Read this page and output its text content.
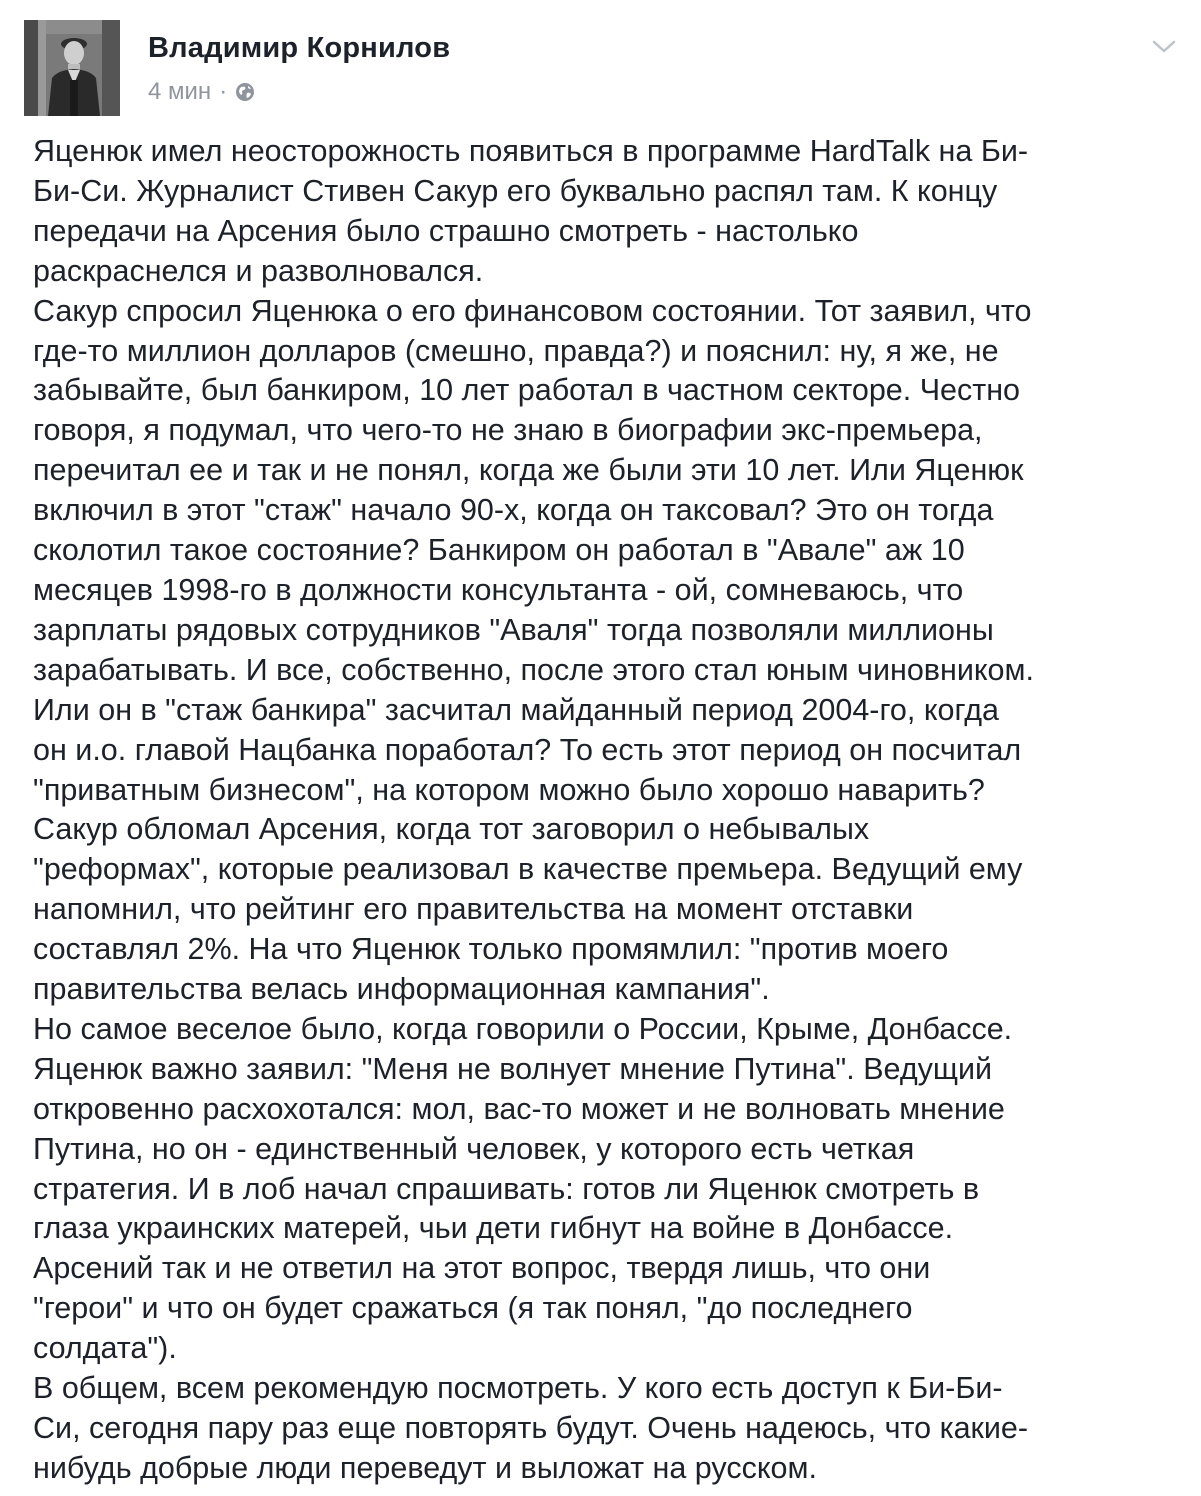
Владимир Корнилов
4 мин ·

Яценюк имел неосторожность появиться в программе HardTalk на Би-

Би-Си. Журналист Стивен Сакур его буквально распял там. К концу

передачи на Арсения было страшно смотреть - настолько

раскраснелся и разволновался.

Сакур спросил Яценюка о его финансовом состоянии. Тот заявил, что

где-то миллион долларов (смешно, правда?) и пояснил: ну, я же, не

забывайте, был банкиром, 10 лет работал в частном секторе. Честно

говоря, я подумал, что чего-то не знаю в биографии экс-премьера,

перечитал ее и так и не понял, когда же были эти 10 лет. Или Яценюк

включил в этот "стаж" начало 90-х, когда он таксовал? Это он тогда

сколотил такое состояние? Банкиром он работал в "Авале" аж 10

месяцев 1998-го в должности консультанта - ой, сомневаюсь, что

зарплаты рядовых сотрудников "Аваля" тогда позволяли миллионы

зарабатывать. И все, собственно, после этого стал юным чиновником.

Или он в "стаж банкира" засчитал майданный период 2004-го, когда

он и.о. главой Нацбанка поработал? То есть этот период он посчитал

"приватным бизнесом", на котором можно было хорошо наварить?

Сакур обломал Арсения, когда тот заговорил о небывалых

"реформах", которые реализовал в качестве премьера. Ведущий ему

напомнил, что рейтинг его правительства на момент отставки

составлял 2%. На что Яценюк только промямлил: "против моего

правительства велась информационная кампания".

Но самое веселое было, когда говорили о России, Крыме, Донбассе.

Яценюк важно заявил: "Меня не волнует мнение Путина". Ведущий

откровенно расхохотался: мол, вас-то может и не волновать мнение

Путина, но он - единственный человек, у которого есть четкая

стратегия. И в лоб начал спрашивать: готов ли Яценюк смотреть в

глаза украинских матерей, чьи дети гибнут на войне в Донбассе.

Арсений так и не ответил на этот вопрос, твердя лишь, что они

"герои" и что он будет сражаться (я так понял, "до последнего

солдата").

В общем, всем рекомендую посмотреть. У кого есть доступ к Би-Би-

Си, сегодня пару раз еще повторять будут. Очень надеюсь, что какие-

нибудь добрые люди переведут и выложат на русском.
